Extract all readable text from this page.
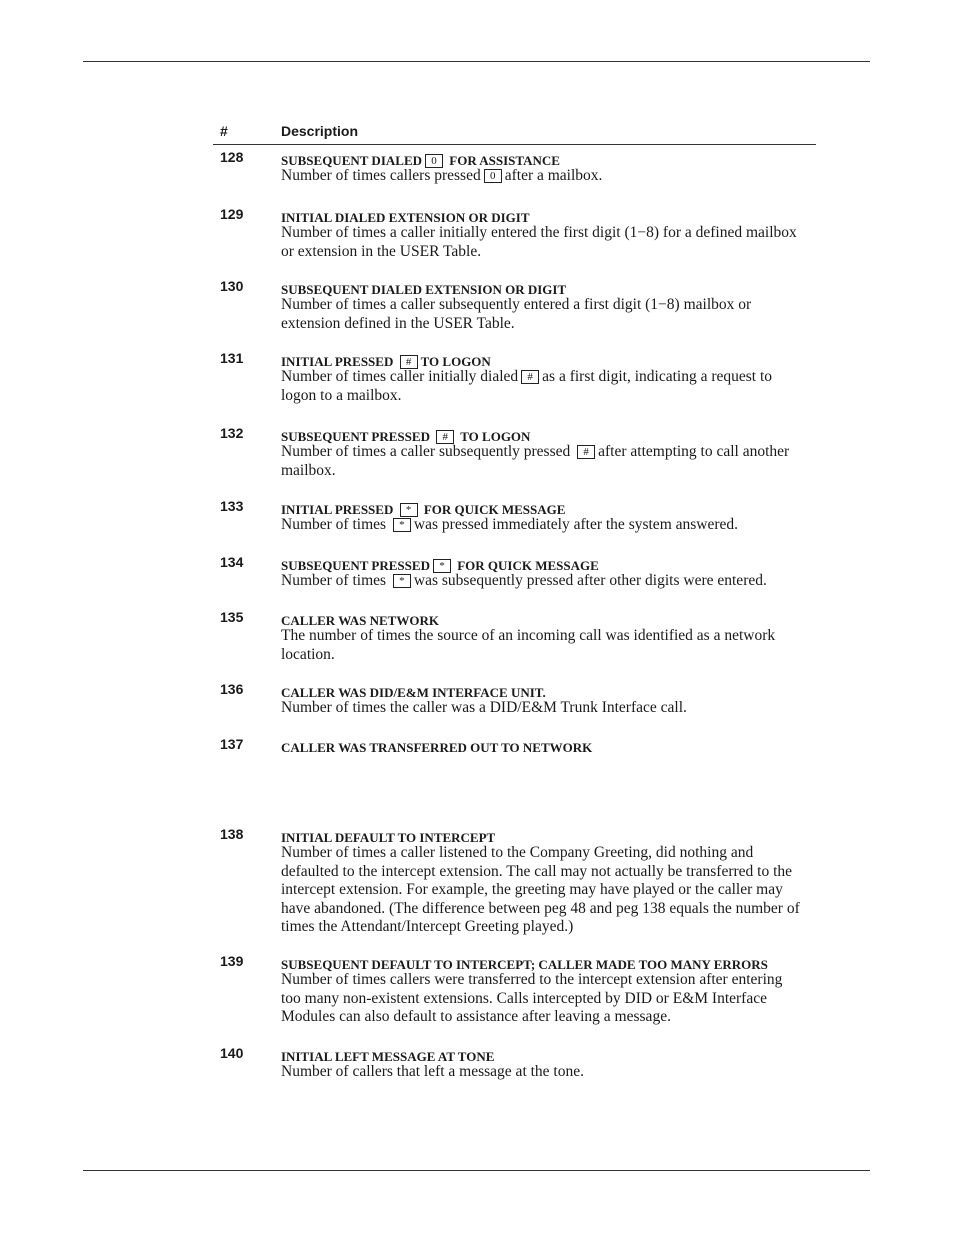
#	Description
128	SUBSEQUENT DIALED 0 FOR ASSISTANCE
Number of times callers pressed 0 after a mailbox.
129	INITIAL DIALED EXTENSION OR DIGIT
Number of times a caller initially entered the first digit (1−8) for a defined mailbox or extension in the USER Table.
130	SUBSEQUENT DIALED EXTENSION OR DIGIT
Number of times a caller subsequently entered a first digit (1−8) mailbox or extension defined in the USER Table.
131	INITIAL PRESSED # TO LOGON
Number of times caller initially dialed # as a first digit, indicating a request to logon to a mailbox.
132	SUBSEQUENT PRESSED # TO LOGON
Number of times a caller subsequently pressed # after attempting to call another mailbox.
133	INITIAL PRESSED * FOR QUICK MESSAGE
Number of times * was pressed immediately after the system answered.
134	SUBSEQUENT PRESSED * FOR QUICK MESSAGE
Number of times * was subsequently pressed after other digits were entered.
135	CALLER WAS NETWORK
The number of times the source of an incoming call was identified as a network location.
136	CALLER WAS DID/E&M INTERFACE UNIT.
Number of times the caller was a DID/E&M Trunk Interface call.
137	CALLER WAS TRANSFERRED OUT TO NETWORK
138	INITIAL DEFAULT TO INTERCEPT
Number of times a caller listened to the Company Greeting, did nothing and defaulted to the intercept extension. The call may not actually be transferred to the intercept extension. For example, the greeting may have played or the caller may have abandoned. (The difference between peg 48 and peg 138 equals the number of times the Attendant/Intercept Greeting played.)
139	SUBSEQUENT DEFAULT TO INTERCEPT; CALLER MADE TOO MANY ERRORS
Number of times callers were transferred to the intercept extension after entering too many non-existent extensions. Calls intercepted by DID or E&M Interface Modules can also default to assistance after leaving a message.
140	INITIAL LEFT MESSAGE AT TONE
Number of callers that left a message at the tone.
